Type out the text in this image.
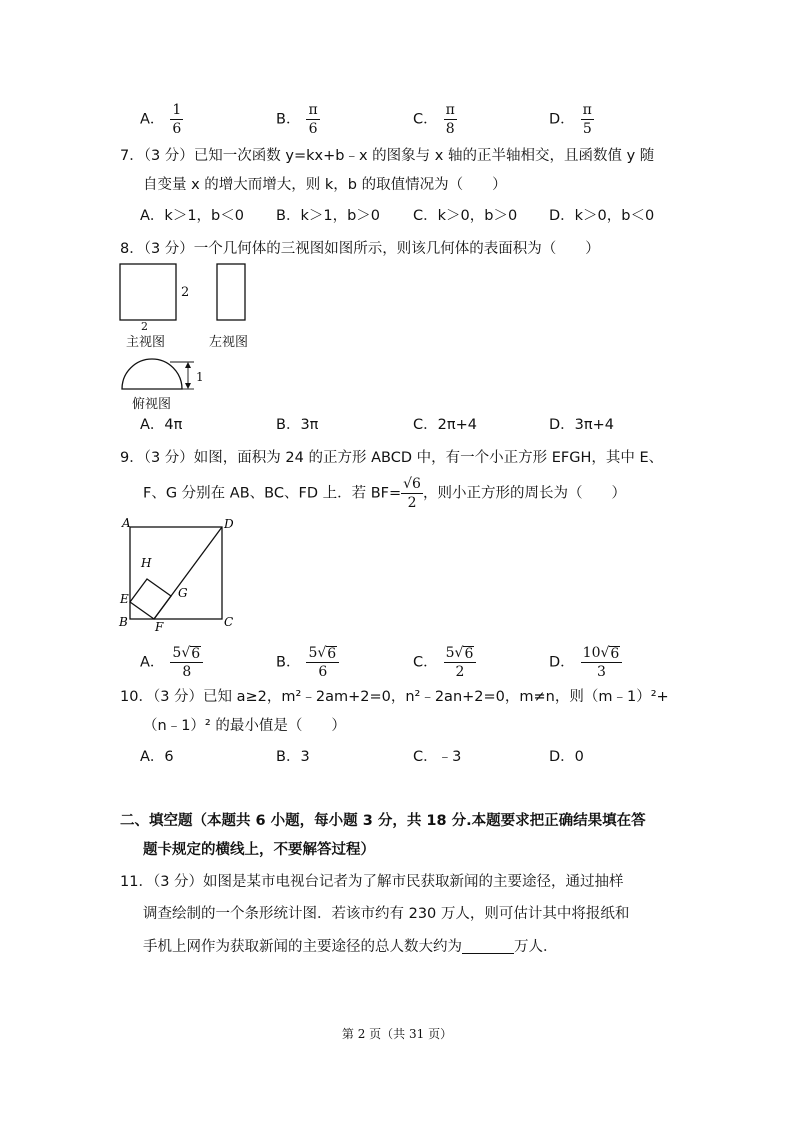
A． $\frac{1}{6}$	B． $\frac{\pi}{6}$	C． $\frac{\pi}{8}$	D． $\frac{\pi}{5}$
7．（3 分）已知一次函数 y=kx+b﹣x 的图象与 x 轴的正半轴相交，且函数值 y 随
自变量 x 的增大而增大，则 k，b 的取值情况为（　　）
A．k＞1，b＜0 B．k＞1，b＞0 C．k＞0，b＞0 D．k＞0，b＜0
8．（3 分）一个几何体的三视图如图所示，则该几何体的表面积为（　　）
2
2
主视图	左视图
1
俯视图
A．4π	B．3π	C．2π+4	D．3π+4
9．（3 分）如图，面积为 24 的正方形 ABCD 中，有一个小正方形 EFGH，其中 E、
F、G 分别在 AB、BC、FD 上．若 $BF= \frac{√6}{2}$ ，则小正方形的周长为（　　）
A	D
H
G
E
B F	C
A． $\frac{5√ 6}{8}$	B． $\frac{5√ 6}{6}$	C． $\frac{5√ 6}{2}$	D． $\frac{10√ 6}{3}$
10．（3 分）已知 a≥2，m²﹣2am+2=0，n²﹣2an+2=0，m≠n，则（m﹣1）²+
（n﹣1）² 的最小值是（　　）
A．6	B．3	C．﹣3	D．0
二、填空题（本题共 6 小题，每小题 3 分，共 18 分.本题要求把正确结果填在答
题卡规定的横线上，不要解答过程）
11．（3 分）如图是某市电视台记者为了解市民获取新闻的主要途径，通过抽样
调查绘制的一个条形统计图．若该市约有 230 万人，则可估计其中将报纸和
手机上网作为获取新闻的主要途径的总人数大约为	万人．
第 2 页（共 31 页）
